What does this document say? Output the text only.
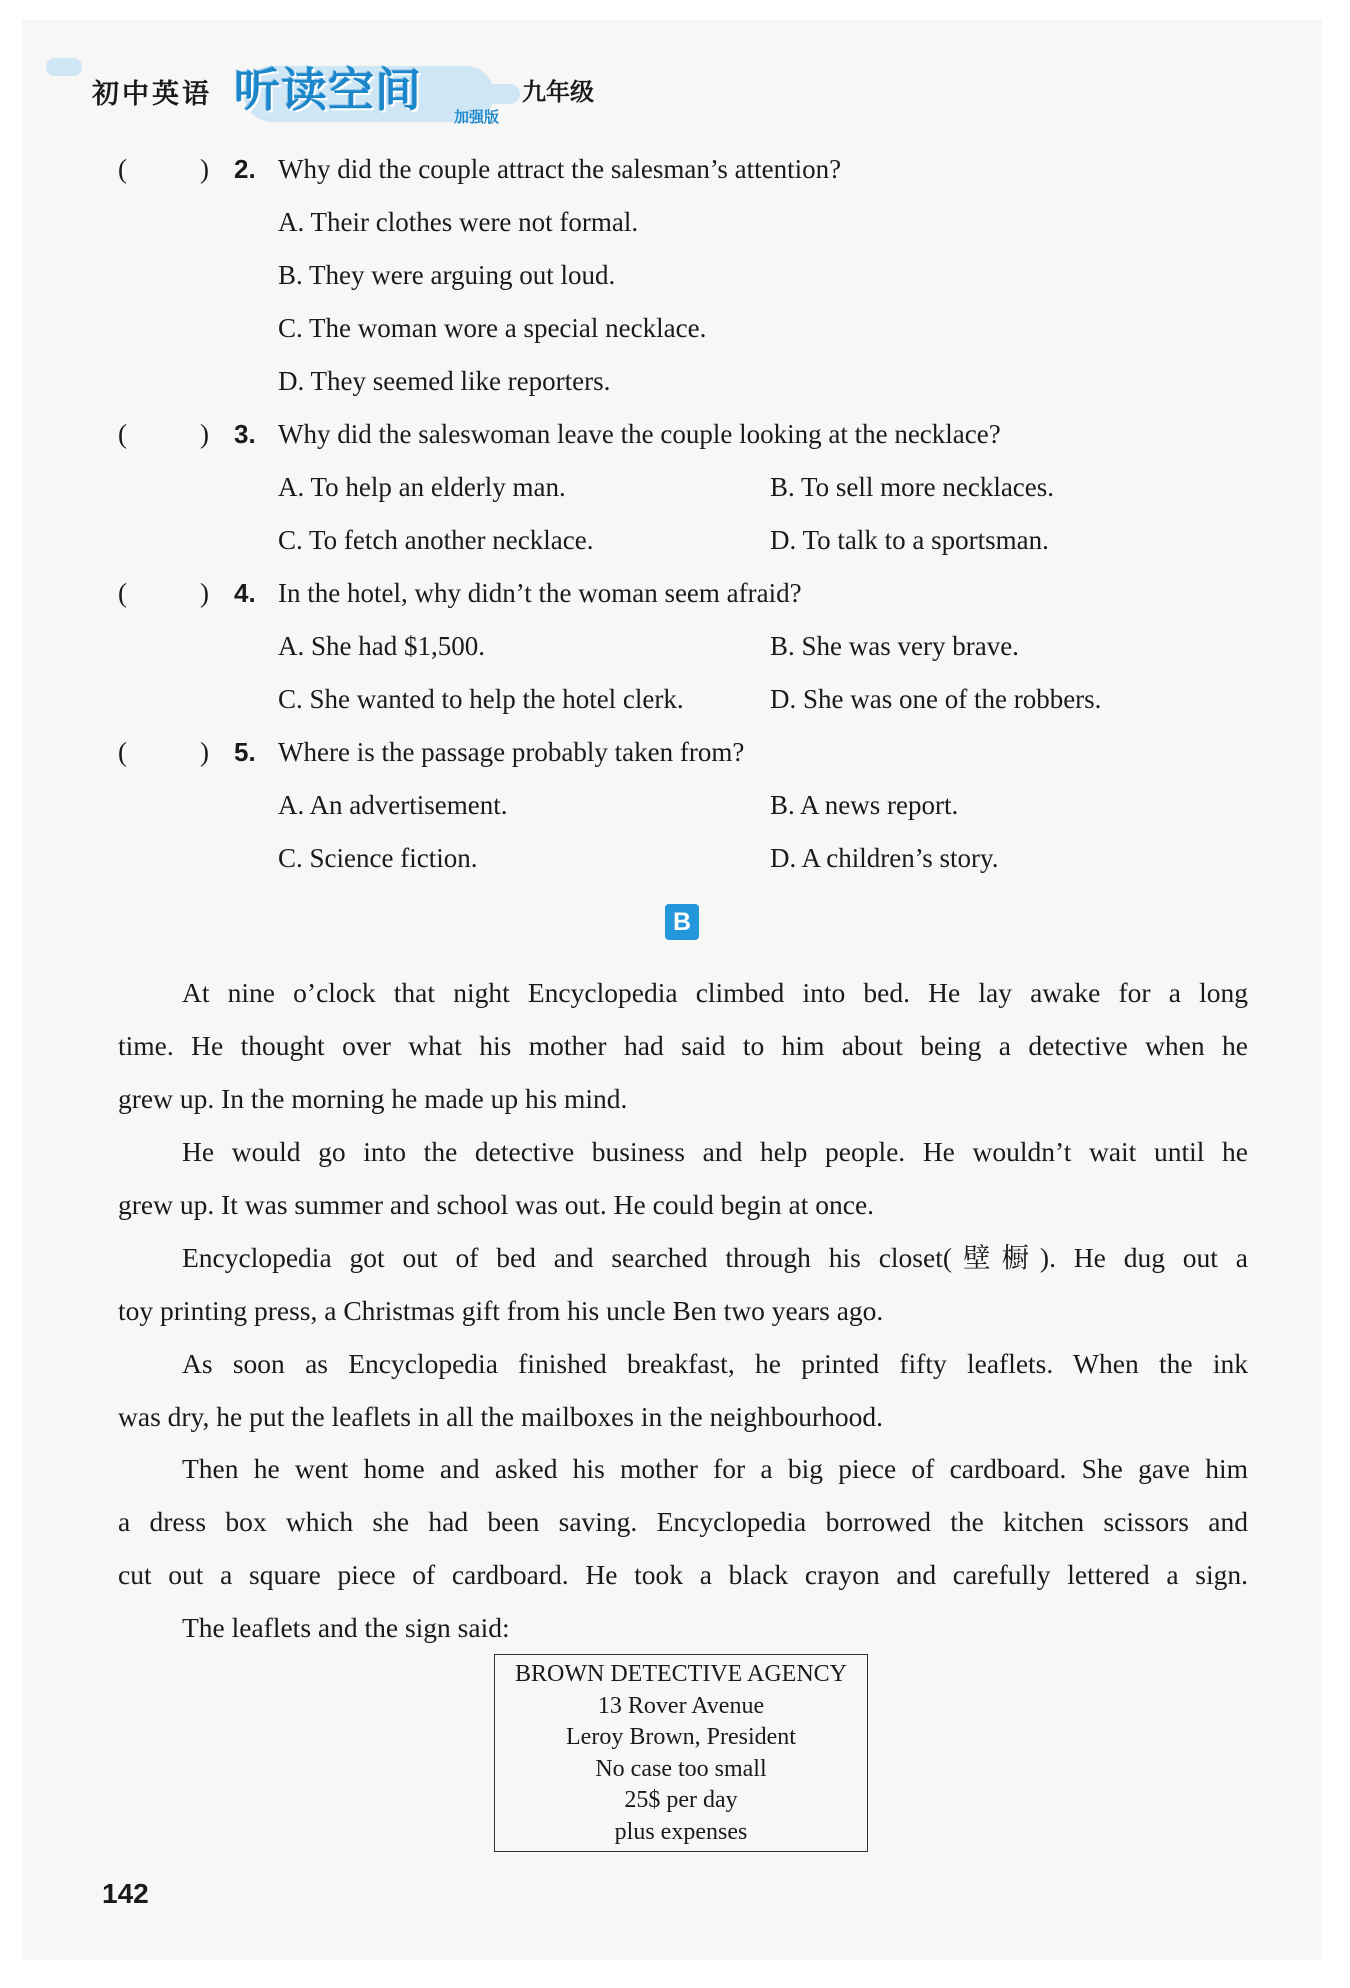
初中英语 听读空间 加强版
九年级
(	) 2. Why did the couple attract the salesman’s attention?
A. Their clothes were not formal.
B. They were arguing out loud.
C. The woman wore a special necklace.
D. They seemed like reporters.
(	) 3. Why did the saleswoman leave the couple looking at the necklace?
A. To help an elderly man.	B. To sell more necklaces.
C. To fetch another necklace.	D. To talk to a sportsman.
(	) 4. In the hotel, why didn’t the woman seem afraid?
A. She had $1,500.	B. She was very brave.
C. She wanted to help the hotel clerk.	D. She was one of the robbers.
(	) 5. Where is the passage probably taken from?
A. An advertisement.	B. A news report.
C. Science fiction.	D. A children’s story.
B
At nine o’clock that night Encyclopedia climbed into bed. He lay awake for a long
time. He thought over what his mother had said to him about being a detective when he
grew up. In the morning he made up his mind.
He would go into the detective business and help people. He wouldn’t wait until he
grew up. It was summer and school was out. He could begin at once.
Encyclopedia got out of bed and searched through his closet(壁橱). He dug out a
toy printing press, a Christmas gift from his uncle Ben two years ago.
As soon as Encyclopedia finished breakfast, he printed fifty leaflets. When the ink
was dry, he put the leaflets in all the mailboxes in the neighbourhood.
Then he went home and asked his mother for a big piece of cardboard. She gave him
a dress box which she had been saving. Encyclopedia borrowed the kitchen scissors and
cut out a square piece of cardboard. He took a black crayon and carefully lettered a sign.
The leaflets and the sign said:
BROWN DETECTIVE AGENCY
13 Rover Avenue
Leroy Brown, President
No case too small
25$ per day
plus expenses
142
